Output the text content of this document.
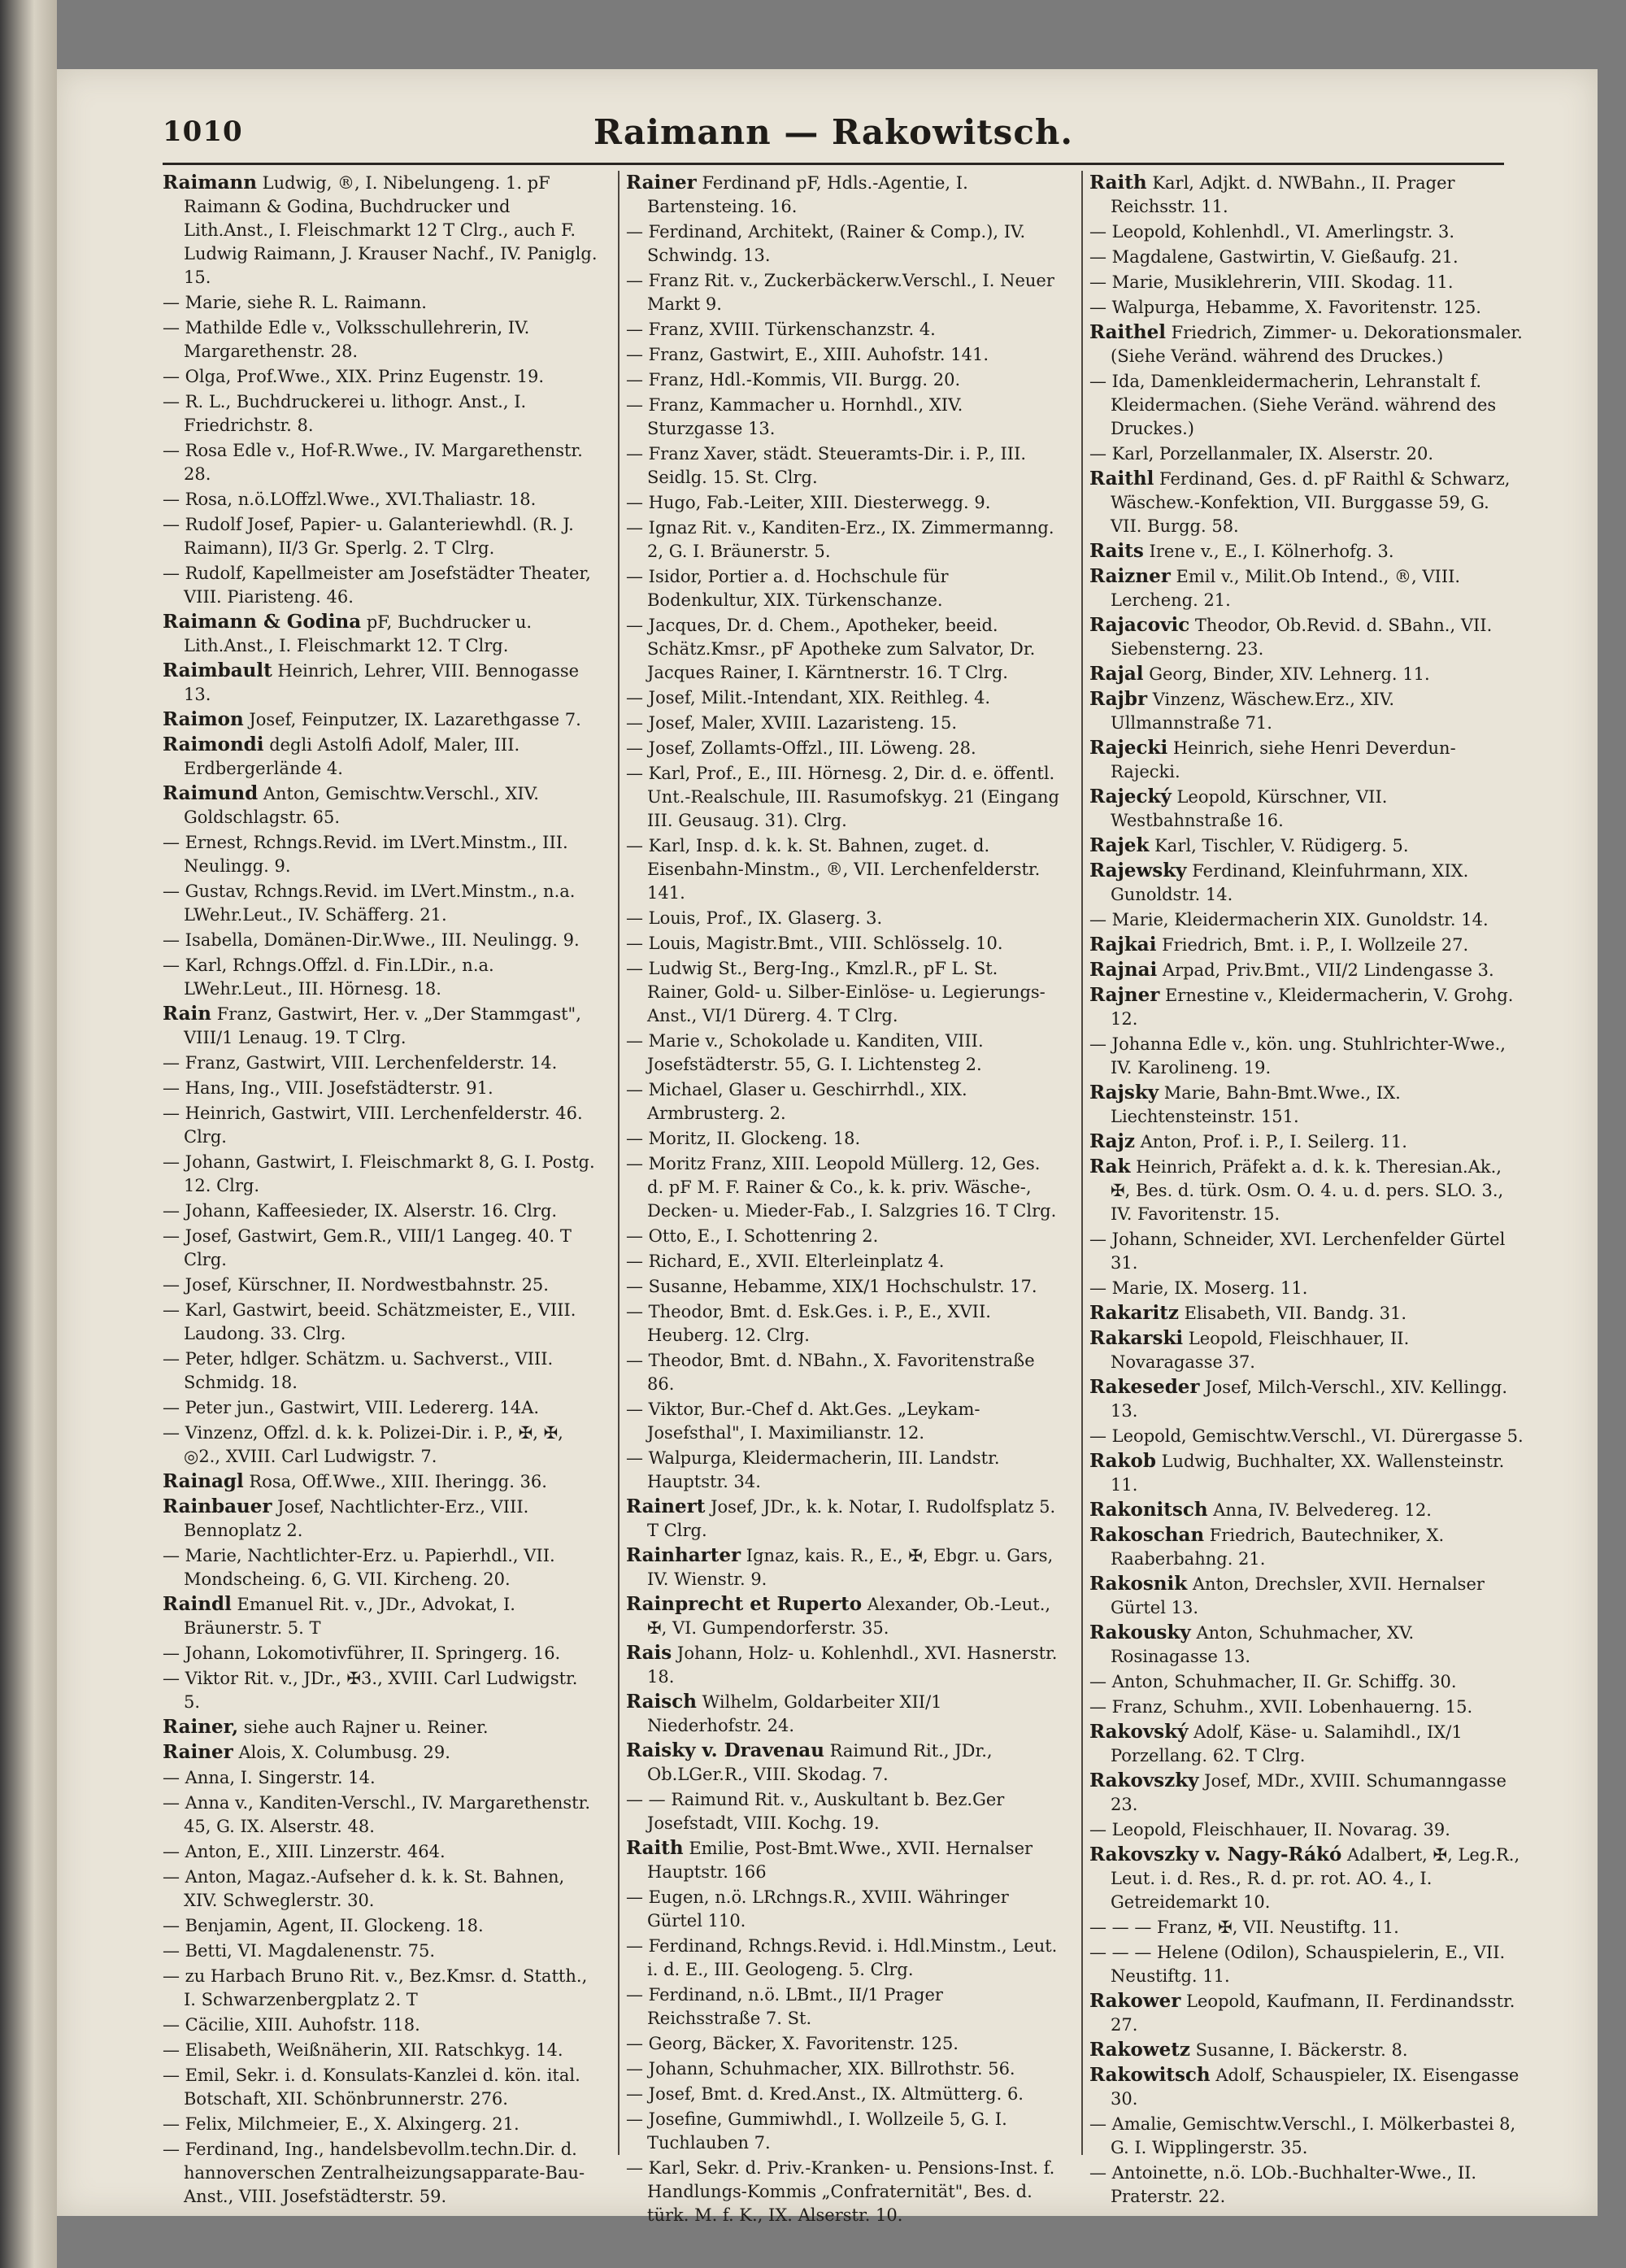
1010	Raimann — Rakowitsch.
Raimann Ludwig, ®, I. Nibelungeng. 1. pF Raimann & Godina, Buchdrucker und Lith.Anst., I. Fleischmarkt 12 T Clrg., auch F. Ludwig Raimann, J. Krauser Nachf., IV. Paniglg. 15.
— Marie, siehe R. L. Raimann.
— Mathilde Edle v., Volksschullehrerin, IV. Margarethenstr. 28.
— Olga, Prof.Wwe., XIX. Prinz Eugenstr. 19.
— R. L., Buchdruckerei u. lithogr. Anst., I. Friedrichstr. 8.
— Rosa Edle v., Hof-R.Wwe., IV. Margarethenstr. 28.
— Rosa, n.ö.LOffzl.Wwe., XVI.Thaliastr. 18.
— Rudolf Josef, Papier- u. Galanteriewhdl. (R. J. Raimann), II/3 Gr. Sperlg. 2. T Clrg.
— Rudolf, Kapellmeister am Josefstädter Theater, VIII. Piaristeng. 46.
Raimann & Godina pF, Buchdrucker u. Lith.Anst., I. Fleischmarkt 12. T Clrg.
Raimbault Heinrich, Lehrer, VIII. Bennogasse 13.
Raimon Josef, Feinputzer, IX. Lazarethgasse 7.
Raimondi degli Astolfi Adolf, Maler, III. Erdbergerlände 4.
Raimund Anton, Gemischtw.Verschl., XIV. Goldschlagstr. 65.
— Ernest, Rchngs.Revid. im LVert.Minstm., III. Neulingg. 9.
— Gustav, Rchngs.Revid. im LVert.Minstm., n.a. LWehr.Leut., IV. Schäfferg. 21.
— Isabella, Domänen-Dir.Wwe., III. Neulingg. 9.
— Karl, Rchngs.Offzl. d. Fin.LDir., n.a. LWehr.Leut., III. Hörnesg. 18.
Rain Franz, Gastwirt, Her. v. „Der Stammgast", VIII/1 Lenaug. 19. T Clrg.
— Franz, Gastwirt, VIII. Lerchenfelderstr. 14.
— Hans, Ing., VIII. Josefstädterstr. 91.
— Heinrich, Gastwirt, VIII. Lerchenfelderstr. 46. Clrg.
— Johann, Gastwirt, I. Fleischmarkt 8, G. I. Postg. 12. Clrg.
— Johann, Kaffeesieder, IX. Alserstr. 16. Clrg.
— Josef, Gastwirt, Gem.R., VIII/1 Langeg. 40. T Clrg.
— Josef, Kürschner, II. Nordwestbahnstr. 25.
— Karl, Gastwirt, beeid. Schätzmeister, E., VIII. Laudong. 33. Clrg.
— Peter, hdlger. Schätzm. u. Sachverst., VIII. Schmidg. 18.
— Peter jun., Gastwirt, VIII. Ledererg. 14A.
— Vinzenz, Offzl. d. k. k. Polizei-Dir. i. P., ✠, ✠, ◎2., XVIII. Carl Ludwigstr. 7.
Rainagl Rosa, Off.Wwe., XIII. Iheringg. 36.
Rainbauer Josef, Nachtlichter-Erz., VIII. Bennoplatz 2.
— Marie, Nachtlichter-Erz. u. Papierhdl., VII. Mondscheing. 6, G. VII. Kircheng. 20.
Raindl Emanuel Rit. v., JDr., Advokat, I. Bräunerstr. 5. T
— Johann, Lokomotivführer, II. Springerg. 16.
— Viktor Rit. v., JDr., ✠3., XVIII. Carl Ludwigstr. 5.
Rainer, siehe auch Rajner u. Reiner.
Rainer Alois, X. Columbusg. 29.
— Anna, I. Singerstr. 14.
— Anna v., Kanditen-Verschl., IV. Margarethenstr. 45, G. IX. Alserstr. 48.
— Anton, E., XIII. Linzerstr. 464.
— Anton, Magaz.-Aufseher d. k. k. St. Bahnen, XIV. Schweglerstr. 30.
— Benjamin, Agent, II. Glockeng. 18.
— Betti, VI. Magdalenenstr. 75.
— zu Harbach Bruno Rit. v., Bez.Kmsr. d. Statth., I. Schwarzenbergplatz 2. T
— Cäcilie, XIII. Auhofstr. 118.
— Elisabeth, Weißnäherin, XII. Ratschkyg. 14.
— Emil, Sekr. i. d. Konsulats-Kanzlei d. kön. ital. Botschaft, XII. Schönbrunnerstr. 276.
— Felix, Milchmeier, E., X. Alxingerg. 21.
— Ferdinand, Ing., handelsbevollm.techn.Dir. d. hannoverschen Zentralheizungsapparate-Bau-Anst., VIII. Josefstädterstr. 59.
Rainer Ferdinand pF, Hdls.-Agentie, I. Bartensteing. 16.
— Ferdinand, Architekt, (Rainer & Comp.), IV. Schwindg. 13.
— Franz Rit. v., Zuckerbäckerw.Verschl., I. Neuer Markt 9.
— Franz, XVIII. Türkenschanzstr. 4.
— Franz, Gastwirt, E., XIII. Auhofstr. 141.
— Franz, Hdl.-Kommis, VII. Burgg. 20.
— Franz, Kammacher u. Hornhdl., XIV. Sturzgasse 13.
— Franz Xaver, städt. Steueramts-Dir. i. P., III. Seidlg. 15. St. Clrg.
— Hugo, Fab.-Leiter, XIII. Diesterwegg. 9.
— Ignaz Rit. v., Kanditen-Erz., IX. Zimmermanng. 2, G. I. Bräunerstr. 5.
— Isidor, Portier a. d. Hochschule für Bodenkultur, XIX. Türkenschanze.
— Jacques, Dr. d. Chem., Apotheker, beeid. Schätz.Kmsr., pF Apotheke zum Salvator, Dr. Jacques Rainer, I. Kärntnerstr. 16. T Clrg.
— Josef, Milit.-Intendant, XIX. Reithleg. 4.
— Josef, Maler, XVIII. Lazaristeng. 15.
— Josef, Zollamts-Offzl., III. Löweng. 28.
— Karl, Prof., E., III. Hörnesg. 2, Dir. d. e. öffentl. Unt.-Realschule, III. Rasumofskyg. 21 (Eingang III. Geusaug. 31). Clrg.
— Karl, Insp. d. k. k. St. Bahnen, zuget. d. Eisenbahn-Minstm., ®, VII. Lerchenfelderstr. 141.
— Louis, Prof., IX. Glaserg. 3.
— Louis, Magistr.Bmt., VIII. Schlösselg. 10.
— Ludwig St., Berg-Ing., Kmzl.R., pF L. St. Rainer, Gold- u. Silber-Einlöse- u. Legierungs-Anst., VI/1 Dürerg. 4. T Clrg.
— Marie v., Schokolade u. Kanditen, VIII. Josefstädterstr. 55, G. I. Lichtensteg 2.
— Michael, Glaser u. Geschirrhdl., XIX. Armbrusterg. 2.
— Moritz, II. Glockeng. 18.
— Moritz Franz, XIII. Leopold Müllerg. 12, Ges. d. pF M. F. Rainer & Co., k. k. priv. Wäsche-, Decken- u. Mieder-Fab., I. Salzgries 16. T Clrg.
— Otto, E., I. Schottenring 2.
— Richard, E., XVII. Elterleinplatz 4.
— Susanne, Hebamme, XIX/1 Hochschulstr. 17.
— Theodor, Bmt. d. Esk.Ges. i. P., E., XVII. Heuberg. 12. Clrg.
— Theodor, Bmt. d. NBahn., X. Favoritenstraße 86.
— Viktor, Bur.-Chef d. Akt.Ges. „Leykam-Josefsthal", I. Maximilianstr. 12.
— Walpurga, Kleidermacherin, III. Landstr. Hauptstr. 34.
Rainert Josef, JDr., k. k. Notar, I. Rudolfsplatz 5. T Clrg.
Rainharter Ignaz, kais. R., E., ✠, Ebgr. u. Gars, IV. Wienstr. 9.
Rainprecht et Ruperto Alexander, Ob.-Leut., ✠, VI. Gumpendorferstr. 35.
Rais Johann, Holz- u. Kohlenhdl., XVI. Hasnerstr. 18.
Raisch Wilhelm, Goldarbeiter XII/1 Niederhofstr. 24.
Raisky v. Dravenau Raimund Rit., JDr., Ob.LGer.R., VIII. Skodag. 7.
— — Raimund Rit. v., Auskultant b. Bez.Ger Josefstadt, VIII. Kochg. 19.
Raith Emilie, Post-Bmt.Wwe., XVII. Hernalser Hauptstr. 166
— Eugen, n.ö. LRchngs.R., XVIII. Währinger Gürtel 110.
— Ferdinand, Rchngs.Revid. i. Hdl.Minstm., Leut. i. d. E., III. Geologeng. 5. Clrg.
— Ferdinand, n.ö. LBmt., II/1 Prager Reichsstraße 7. St.
— Georg, Bäcker, X. Favoritenstr. 125.
— Johann, Schuhmacher, XIX. Billrothstr. 56.
— Josef, Bmt. d. Kred.Anst., IX. Altmütterg. 6.
— Josefine, Gummiwhdl., I. Wollzeile 5, G. I. Tuchlauben 7.
— Karl, Sekr. d. Priv.-Kranken- u. Pensions-Inst. f. Handlungs-Kommis „Confraternität", Bes. d. türk. M. f. K., IX. Alserstr. 10.
Raith Karl, Adjkt. d. NWBahn., II. Prager Reichsstr. 11.
— Leopold, Kohlenhdl., VI. Amerlingstr. 3.
— Magdalene, Gastwirtin, V. Gießaufg. 21.
— Marie, Musiklehrerin, VIII. Skodag. 11.
— Walpurga, Hebamme, X. Favoritenstr. 125.
Raithel Friedrich, Zimmer- u. Dekorationsmaler. (Siehe Veränd. während des Druckes.)
— Ida, Damenkleidermacherin, Lehranstalt f. Kleidermachen. (Siehe Veränd. während des Druckes.)
— Karl, Porzellanmaler, IX. Alserstr. 20.
Raithl Ferdinand, Ges. d. pF Raithl & Schwarz, Wäschew.-Konfektion, VII. Burggasse 59, G. VII. Burgg. 58.
Raits Irene v., E., I. Kölnerhofg. 3.
Raizner Emil v., Milit.Ob Intend., ®, VIII. Lercheng. 21.
Rajacovic Theodor, Ob.Revid. d. SBahn., VII. Siebensterng. 23.
Rajal Georg, Binder, XIV. Lehnerg. 11.
Rajbr Vinzenz, Wäschew.Erz., XIV. Ullmannstraße 71.
Rajecki Heinrich, siehe Henri Deverdun-Rajecki.
Rajecký Leopold, Kürschner, VII. Westbahnstraße 16.
Rajek Karl, Tischler, V. Rüdigerg. 5.
Rajewsky Ferdinand, Kleinfuhrmann, XIX. Gunoldstr. 14.
— Marie, Kleidermacherin XIX. Gunoldstr. 14.
Rajkai Friedrich, Bmt. i. P., I. Wollzeile 27.
Rajnai Arpad, Priv.Bmt., VII/2 Lindengasse 3.
Rajner Ernestine v., Kleidermacherin, V. Grohg. 12.
— Johanna Edle v., kön. ung. Stuhlrichter-Wwe., IV. Karolineng. 19.
Rajsky Marie, Bahn-Bmt.Wwe., IX. Liechtensteinstr. 151.
Rajz Anton, Prof. i. P., I. Seilerg. 11.
Rak Heinrich, Präfekt a. d. k. k. Theresian.Ak., ✠, Bes. d. türk. Osm. O. 4. u. d. pers. SLO. 3., IV. Favoritenstr. 15.
— Johann, Schneider, XVI. Lerchenfelder Gürtel 31.
— Marie, IX. Moserg. 11.
Rakaritz Elisabeth, VII. Bandg. 31.
Rakarski Leopold, Fleischhauer, II. Novaragasse 37.
Rakeseder Josef, Milch-Verschl., XIV. Kellingg. 13.
— Leopold, Gemischtw.Verschl., VI. Dürergasse 5.
Rakob Ludwig, Buchhalter, XX. Wallensteinstr. 11.
Rakonitsch Anna, IV. Belvedereg. 12.
Rakoschan Friedrich, Bautechniker, X. Raaberbahng. 21.
Rakosnik Anton, Drechsler, XVII. Hernalser Gürtel 13.
Rakousky Anton, Schuhmacher, XV. Rosinagasse 13.
— Anton, Schuhmacher, II. Gr. Schiffg. 30.
— Franz, Schuhm., XVII. Lobenhauerng. 15.
Rakovský Adolf, Käse- u. Salamihdl., IX/1 Porzellang. 62. T Clrg.
Rakovszky Josef, MDr., XVIII. Schumanngasse 23.
— Leopold, Fleischhauer, II. Novarag. 39.
Rakovszky v. Nagy-Rákó Adalbert, ✠, Leg.R., Leut. i. d. Res., R. d. pr. rot. AO. 4., I. Getreidemarkt 10.
— — — Franz, ✠, VII. Neustiftg. 11.
— — — Helene (Odilon), Schauspielerin, E., VII. Neustiftg. 11.
Rakower Leopold, Kaufmann, II. Ferdinandsstr. 27.
Rakowetz Susanne, I. Bäckerstr. 8.
Rakowitsch Adolf, Schauspieler, IX. Eisengasse 30.
— Amalie, Gemischtw.Verschl., I. Mölkerbastei 8, G. I. Wipplingerstr. 35.
— Antoinette, n.ö. LOb.-Buchhalter-Wwe., II. Praterstr. 22.
